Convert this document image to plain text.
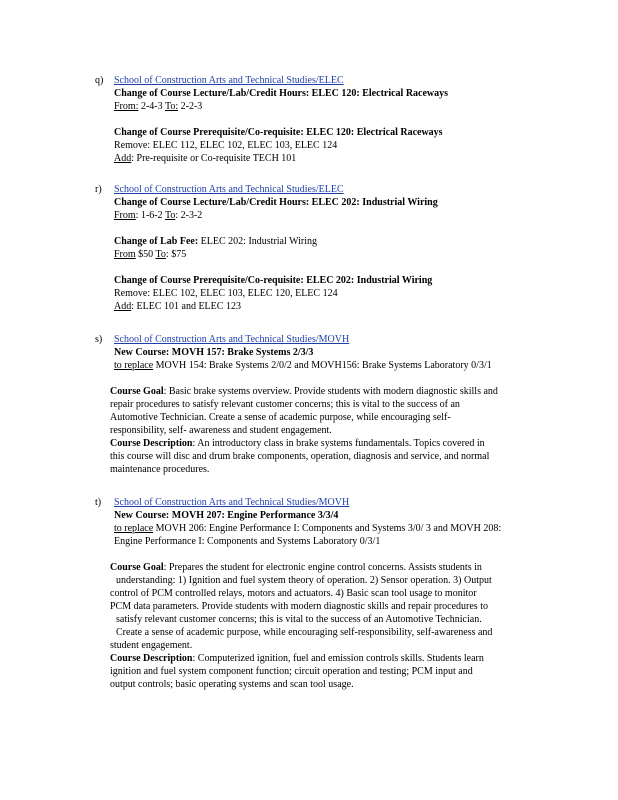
q)	School of Construction Arts and Technical Studies/ELEC
Change of Course Lecture/Lab/Credit Hours: ELEC 120: Electrical Raceways
From: 2-4-3 To: 2-2-3
Change of Course Prerequisite/Co-requisite: ELEC 120: Electrical Raceways
Remove: ELEC 112, ELEC 102, ELEC 103, ELEC 124
Add: Pre-requisite or Co-requisite TECH 101
r)	School of Construction Arts and Technical Studies/ELEC
Change of Course Lecture/Lab/Credit Hours: ELEC 202: Industrial Wiring
From: 1-6-2 To: 2-3-2
Change of Lab Fee: ELEC 202: Industrial Wiring
From $50 To: $75
Change of Course Prerequisite/Co-requisite: ELEC 202: Industrial Wiring
Remove: ELEC 102, ELEC 103, ELEC 120, ELEC 124
Add: ELEC 101 and ELEC 123
s)	School of Construction Arts and Technical Studies/MOVH
New Course: MOVH 157: Brake Systems 2/3/3
to replace MOVH 154: Brake Systems 2/0/2 and MOVH156: Brake Systems Laboratory 0/3/1
Course Goal: Basic brake systems overview. Provide students with modern diagnostic skills and
repair procedures to satisfy relevant customer concerns; this is vital to the success of an
Automotive Technician. Create a sense of academic purpose, while encouraging self-
responsibility, self- awareness and student engagement.
Course Description: An introductory class in brake systems fundamentals. Topics covered in
this course will disc and drum brake components, operation, diagnosis and service, and normal
maintenance procedures.
t)	School of Construction Arts and Technical Studies/MOVH
New Course: MOVH 207: Engine Performance 3/3/4
to replace MOVH 206: Engine Performance I: Components and Systems 3/0/ 3 and MOVH 208:
Engine Performance I: Components and Systems Laboratory 0/3/1
Course Goal: Prepares the student for electronic engine control concerns. Assists students in
understanding: 1) Ignition and fuel system theory of operation. 2) Sensor operation. 3) Output
control of PCM controlled relays, motors and actuators. 4) Basic scan tool usage to monitor
PCM data parameters. Provide students with modern diagnostic skills and repair procedures to
satisfy relevant customer concerns; this is vital to the success of an Automotive Technician.
Create a sense of academic purpose, while encouraging self-responsibility, self-awareness and
student engagement.
Course Description: Computerized ignition, fuel and emission controls skills. Students learn
ignition and fuel system component function; circuit operation and testing; PCM input and
output controls; basic operating systems and scan tool usage.
